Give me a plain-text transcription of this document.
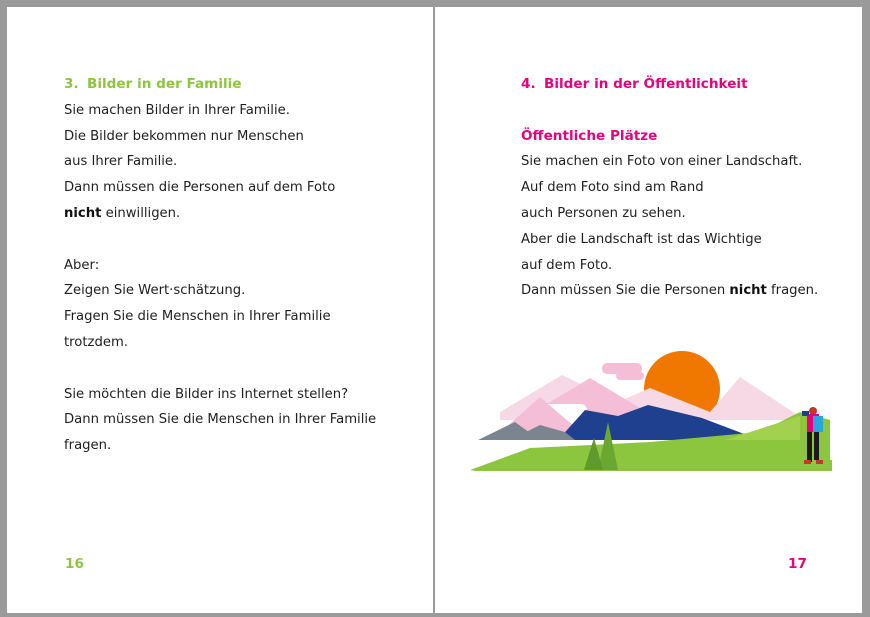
3. Bilder in der Familie
Sie machen Bilder in Ihrer Familie.
Die Bilder bekommen nur Menschen
aus Ihrer Familie.
Dann müssen die Personen auf dem Foto
nicht einwilligen.
Aber:
Zeigen Sie Wert·schätzung.
Fragen Sie die Menschen in Ihrer Familie
trotzdem.
Sie möchten die Bilder ins Internet stellen?
Dann müssen Sie die Menschen in Ihrer Familie
fragen.
16
4. Bilder in der Öffentlichkeit
Öffentliche Plätze
Sie machen ein Foto von einer Landschaft.
Auf dem Foto sind am Rand
auch Personen zu sehen.
Aber die Landschaft ist das Wichtige
auf dem Foto.
Dann müssen Sie die Personen nicht fragen.
17
